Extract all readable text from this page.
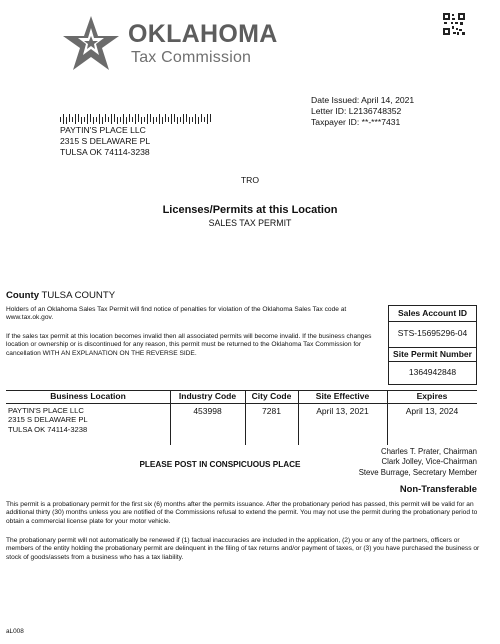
OKLAHOMA
Tax Commission
Date Issued: April 14, 2021
Letter ID: L2136748352
Taxpayer ID: **-***7431
PAYTIN'S PLACE LLC
2315 S DELAWARE PL
TULSA OK 74114-3238
TRO
Licenses/Permits at this Location
SALES TAX PERMIT
County TULSA COUNTY
Holders of an Oklahoma Sales Tax Permit will find notice of penalties for violation of the Oklahoma Sales Tax code at www.tax.ok.gov.
If the sales tax permit at this location becomes invalid then all associated permits will become invalid. If the business changes location or ownership or is discontinued for any reason, this permit must be returned to the Oklahoma Tax Commission for cancellation WITH AN EXPLANATION ON THE REVERSE SIDE.
Sales Account ID
STS-15695296-04
Site Permit Number
1364942848
Business Location	Industry Code	City Code	Site Effective	Expires
PAYTIN'S PLACE LLC
2315 S DELAWARE PL
TULSA OK 74114-3238
453998	7281	April 13, 2021	April 13, 2024
Charles T. Prater, Chairman
Clark Jolley, Vice-Chairman
Steve Burrage, Secretary Member
PLEASE POST IN CONSPICUOUS PLACE
Non-Transferable
This permit is a probationary permit for the first six (6) months after the permits issuance. After the probationary period has passed, this permit will be valid for an additional thirty (30) months unless you are notified of the Commissions refusal to extend the permit. You may not use the permit during the probationary period to obtain a commercial license plate for your motor vehicle.
The probationary permit will not automatically be renewed if (1) factual inaccuracies are included in the application, (2) you or any of the partners, officers or members of the entity holding the probationary permit are delinquent in the filing of tax returns and/or payment of taxes, or (3) you have purchased the business or stock of goods/assets from a business who has a tax liability.
aL008
